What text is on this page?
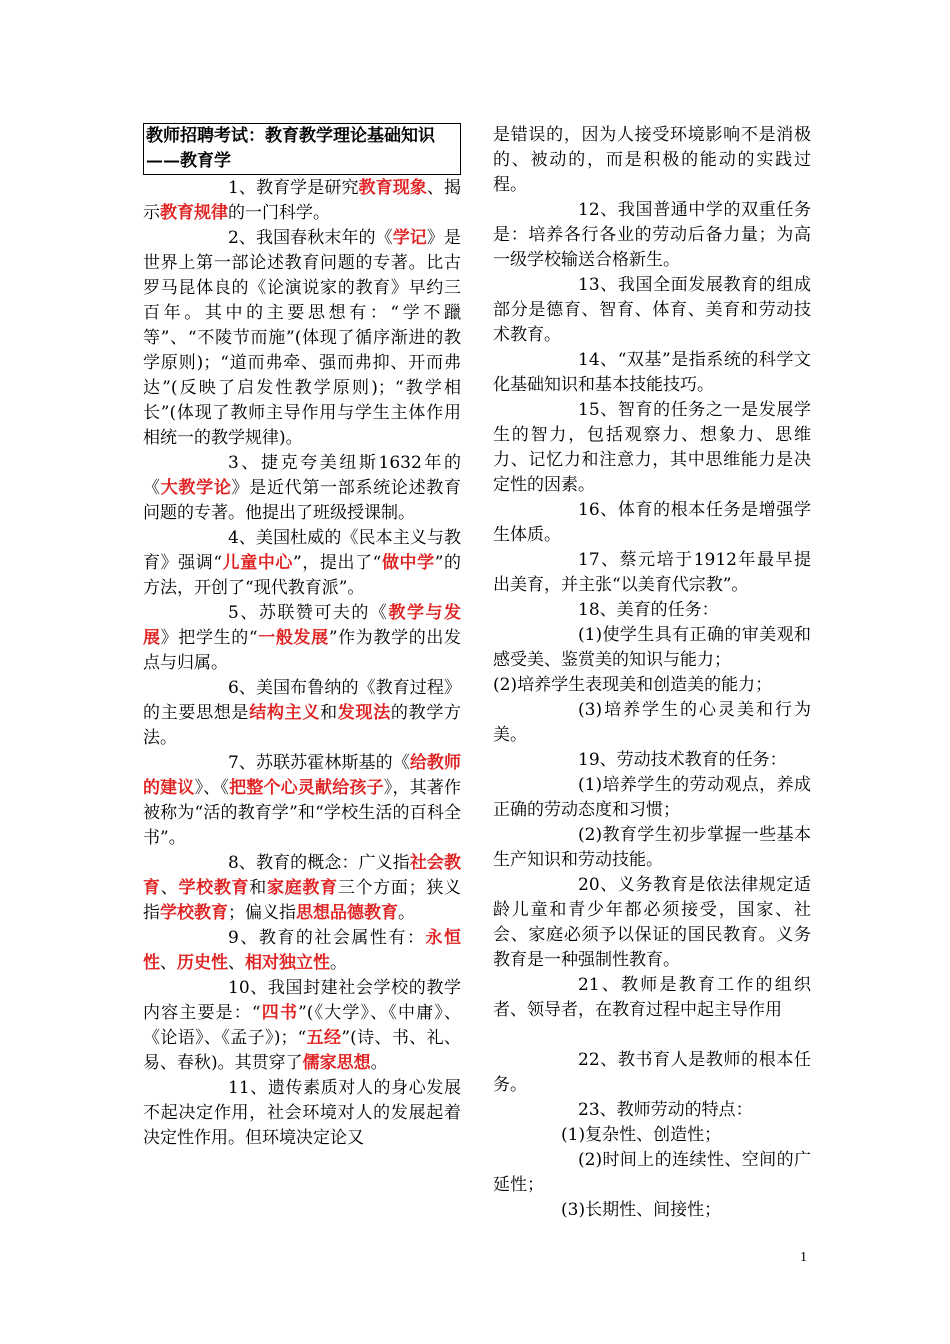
教师招聘考试：教育教学理论基础知识——教育学

1、教育学是研究教育现象、揭示教育规律的一门科学。

2、我国春秋末年的《学记》是世界上第一部论述教育问题的专著。比古罗马昆体良的《论演说家的教育》早约三百年。其中的主要思想有：“学不躐等”、“不陵节而施”(体现了循序渐进的教学原则)；“道而弗牵、强而弗抑、开而弗达”(反映了启发性教学原则)；“教学相长”(体现了教师主导作用与学生主体作用相统一的教学规律)。

3、捷克夸美纽斯1632年的《大教学论》是近代第一部系统论述教育问题的专著。他提出了班级授课制。

4、美国杜威的《民本主义与教育》强调“儿童中心”，提出了“做中学”的方法，开创了“现代教育派”。

5、苏联赞可夫的《教学与发展》把学生的“一般发展”作为教学的出发点与归属。

6、美国布鲁纳的《教育过程》的主要思想是结构主义和发现法的教学方法。

7、苏联苏霍林斯基的《给教师的建议》、《把整个心灵献给孩子》，其著作被称为“活的教育学”和“学校生活的百科全书”。

8、教育的概念：广义指社会教育、学校教育和家庭教育三个方面；狭义指学校教育；偏义指思想品德教育。

9、教育的社会属性有：永恒性、历史性、相对独立性。

10、我国封建社会学校的教学内容主要是：“四书”(《大学》、《中庸》、《论语》、《孟子》)；“五经”(诗、书、礼、易、春秋)。其贯穿了儒家思想。

11、遗传素质对人的身心发展不起决定作用，社会环境对人的发展起着决定性作用。但环境决定论又

是错误的，因为人接受环境影响不是消极的、被动的，而是积极的能动的实践过程。

12、我国普通中学的双重任务是：培养各行各业的劳动后备力量；为高一级学校输送合格新生。

13、我国全面发展教育的组成部分是德育、智育、体育、美育和劳动技术教育。

14、“双基”是指系统的科学文化基础知识和基本技能技巧。

15、智育的任务之一是发展学生的智力，包括观察力、想象力、思维力、记忆力和注意力，其中思维能力是决定性的因素。

16、体育的根本任务是增强学生体质。

17、蔡元培于1912年最早提出美育，并主张“以美育代宗教”。

18、美育的任务：

(1)使学生具有正确的审美观和感受美、鉴赏美的知识与能力；

(2)培养学生表现美和创造美的能力；

(3)培养学生的心灵美和行为美。

19、劳动技术教育的任务：

(1)培养学生的劳动观点，养成正确的劳动态度和习惯；

(2)教育学生初步掌握一些基本生产知识和劳动技能。

20、义务教育是依法律规定适龄儿童和青少年都必须接受，国家、社会、家庭必须予以保证的国民教育。义务教育是一种强制性教育。

21、教师是教育工作的组织者、领导者，在教育过程中起主导作用

22、教书育人是教师的根本任务。

23、教师劳动的特点：

(1)复杂性、创造性；

(2)时间上的连续性、空间的广延性；

(3)长期性、间接性；

1
